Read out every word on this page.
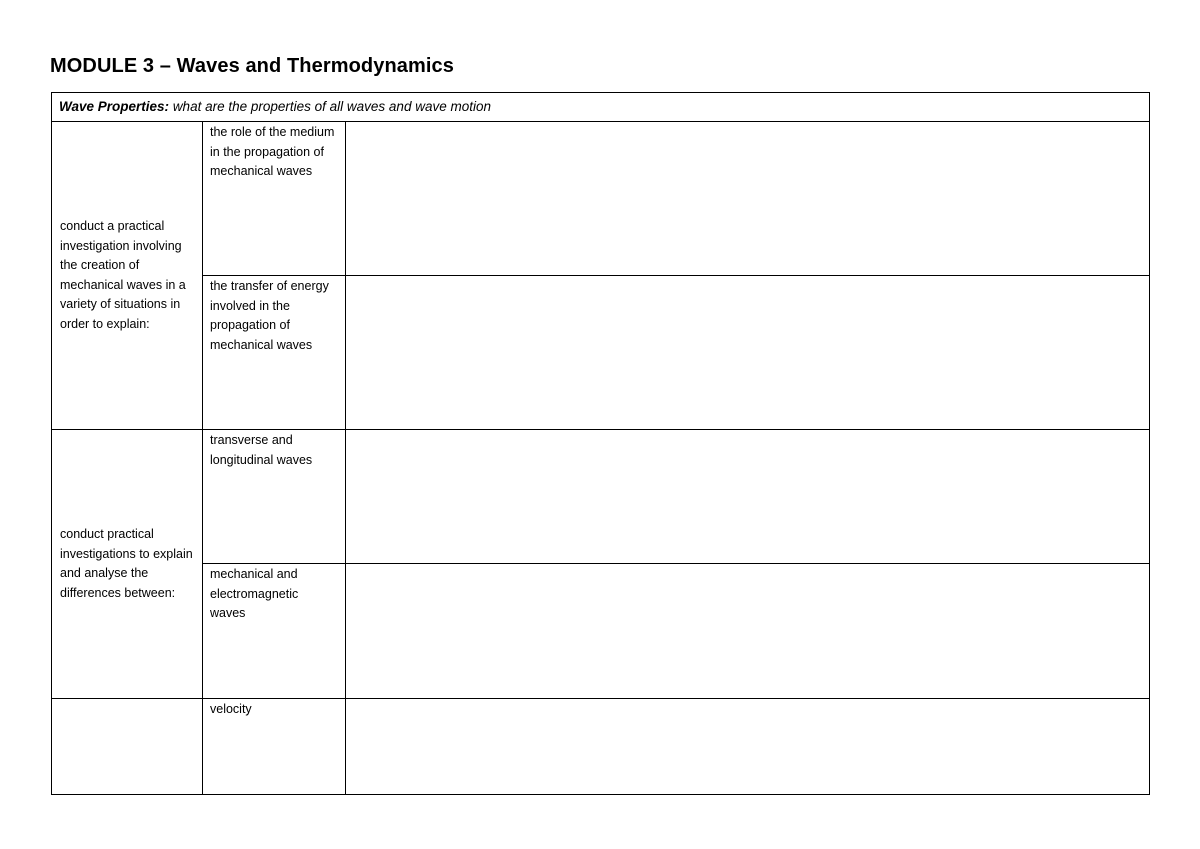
MODULE 3 – Waves and Thermodynamics
Wave Properties: what are the properties of all waves and wave motion		
conduct a practical investigation involving the creation of mechanical waves in a variety of situations in order to explain:	the role of the medium in the propagation of mechanical waves	
	the transfer of energy involved in the propagation of mechanical waves	
conduct practical investigations to explain and analyse the differences between:	transverse and longitudinal waves	
	mechanical and electromagnetic waves	
	velocity	
